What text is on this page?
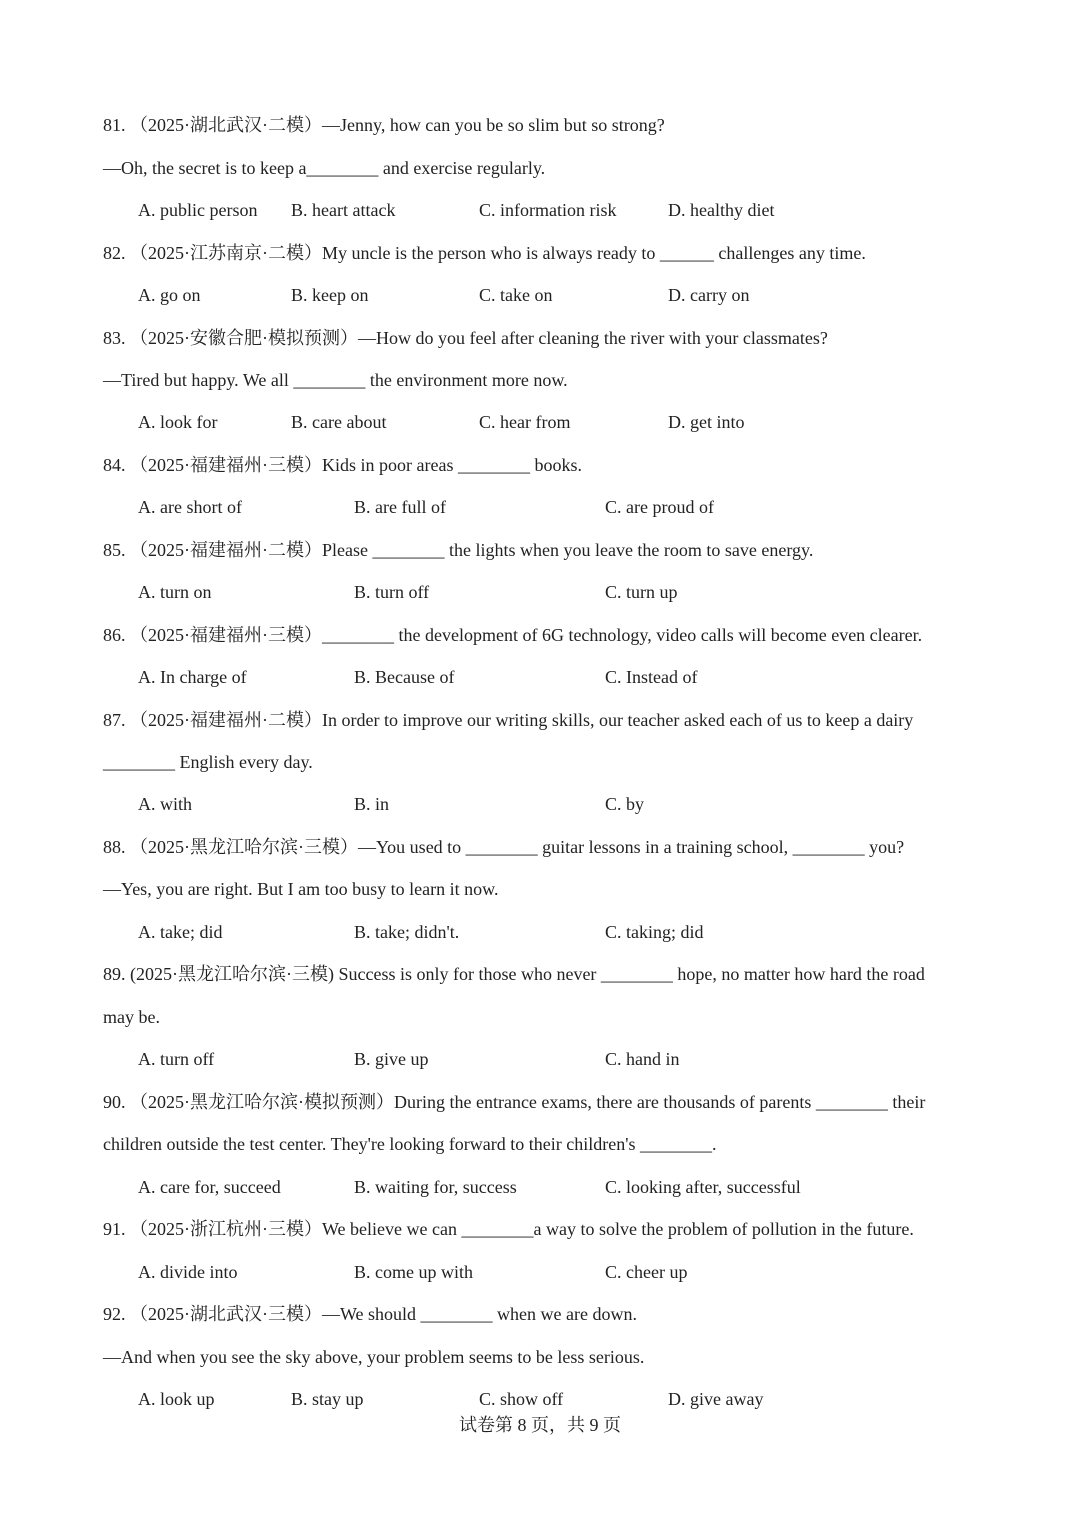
81. （2025·湖北武汉·二模）—Jenny, how can you be so slim but so strong?
—Oh, the secret is to keep a________ and exercise regularly.
A. public person B. heart attack	C. information risk	D. healthy diet
82. （2025·江苏南京·二模）My uncle is the person who is always ready to ______ challenges any time.
A. go on	B. keep on	C. take on	D. carry on
83. （2025·安徽合肥·模拟预测）—How do you feel after cleaning the river with your classmates?
—Tired but happy. We all ________ the environment more now.
A. look for	B. care about	C. hear from	D. get into
84. （2025·福建福州·三模）Kids in poor areas ________ books.
A. are short of	B. are full of	C. are proud of
85. （2025·福建福州·二模）Please ________ the lights when you leave the room to save energy.
A. turn on	B. turn off	C. turn up
86. （2025·福建福州·三模）________ the development of 6G technology, video calls will become even clearer.
A. In charge of	B. Because of	C. Instead of
87. （2025·福建福州·二模）In order to improve our writing skills, our teacher asked each of us to keep a dairy
________ English every day.
A. with	B. in	C. by
88. （2025·黑龙江哈尔滨·三模）—You used to ________ guitar lessons in a training school, ________ you?
—Yes, you are right. But I am too busy to learn it now.
A. take; did	B. take; didn't.	C. taking; did
89. (2025·黑龙江哈尔滨·三模) Success is only for those who never ________ hope, no matter how hard the road
may be.
A. turn off	B. give up	C. hand in
90. （2025·黑龙江哈尔滨·模拟预测）During the entrance exams, there are thousands of parents ________ their
children outside the test center. They're looking forward to their children's ________.
A. care for, succeed	B. waiting for, success	C. looking after, successful
91. （2025·浙江杭州·三模）We believe we can ________a way to solve the problem of pollution in the future.
A. divide into	B. come up with	C. cheer up
92. （2025·湖北武汉·三模）—We should ________ when we are down.
—And when you see the sky above, your problem seems to be less serious.
A. look up	B. stay up	C. show off	D. give away
试卷第 8 页，共 9 页
